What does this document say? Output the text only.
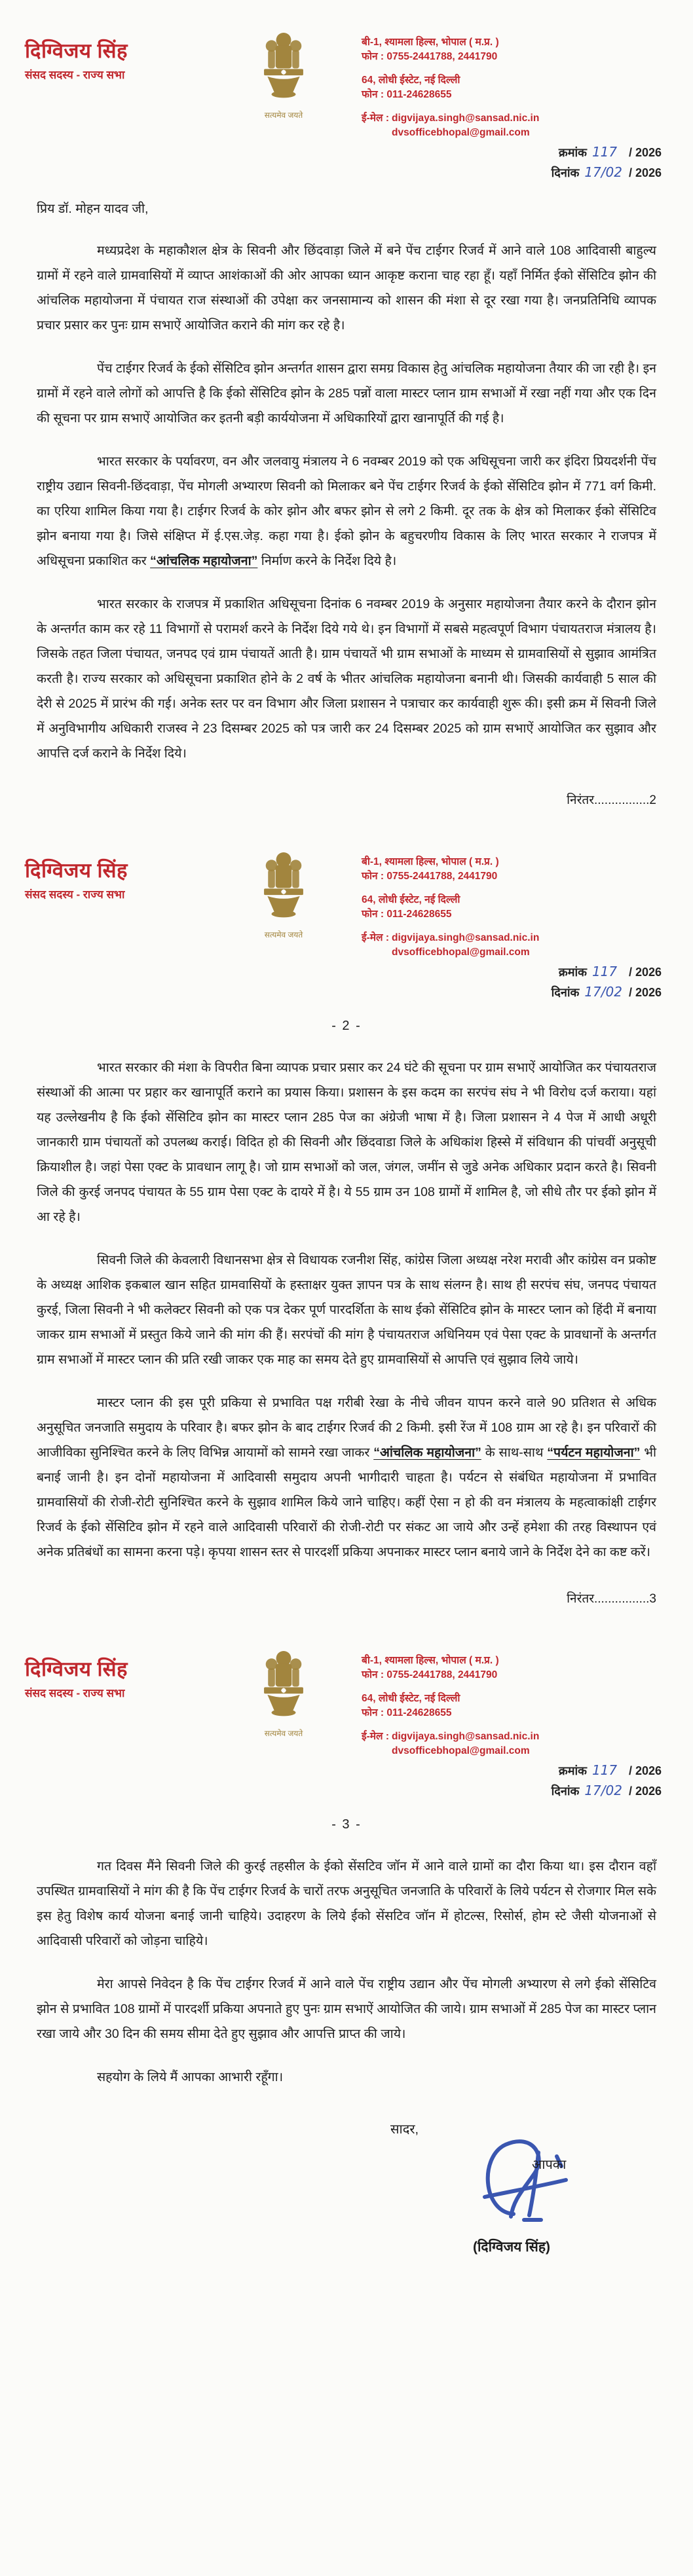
दिग्विजय सिंह
संसद सदस्य - राज्य सभा
सत्यमेव जयते
बी-1, श्यामला हिल्स, भोपाल ( म.प्र. )
फोन : 0755-2441788, 2441790
64, लोधी ईस्टेट, नई दिल्ली
फोन : 011-24628655
ई-मेल : digvijaya.singh@sansad.nic.in
dvsofficebhopal@gmail.com
क्रमांक 117 / 2026
दिनांक 17/02 / 2026

प्रिय डॉ. मोहन यादव जी,

मध्यप्रदेश के महाकौशल क्षेत्र के सिवनी और छिंदवाड़ा जिले में बने पेंच टाईगर रिजर्व में आने वाले 108 आदिवासी बाहुल्य ग्रामों में रहने वाले ग्रामवासियों में व्याप्त आशंकाओं की ओर आपका ध्यान आकृष्ट कराना चाह रहा हूँ। यहाँ निर्मित ईको सेंसिटिव झोन की आंचलिक महायोजना में पंचायत राज संस्थाओं की उपेक्षा कर जनसामान्य को शासन की मंशा से दूर रखा गया है। जनप्रतिनिधि व्यापक प्रचार प्रसार कर पुनः ग्राम सभाऐं आयोजित कराने की मांग कर रहे है।

पेंच टाईगर रिजर्व के ईको सेंसिटिव झोन अन्तर्गत शासन द्वारा समग्र विकास हेतु आंचलिक महायोजना तैयार की जा रही है। इन ग्रामों में रहने वाले लोगों को आपत्ति है कि ईको सेंसिटिव झोन के 285 पन्नों वाला मास्टर प्लान ग्राम सभाओं में रखा नहीं गया और एक दिन की सूचना पर ग्राम सभाऐं आयोजित कर इतनी बड़ी कार्ययोजना में अधिकारियों द्वारा खानापूर्ति की गई है।

भारत सरकार के पर्यावरण, वन और जलवायु मंत्रालय ने 6 नवम्बर 2019 को एक अधिसूचना जारी कर इंदिरा प्रियदर्शनी पेंच राष्ट्रीय उद्यान सिवनी-छिंदवाड़ा, पेंच मोगली अभ्यारण सिवनी को मिलाकर बने पेंच टाईगर रिजर्व के ईको सेंसिटिव झोन में 771 वर्ग किमी. का एरिया शामिल किया गया है। टाईगर रिजर्व के कोर झोन और बफर झोन से लगे 2 किमी. दूर तक के क्षेत्र को मिलाकर ईको सेंसिटिव झोन बनाया गया है। जिसे संक्षिप्त में ई.एस.जेड़. कहा गया है। ईको झोन के बहुचरणीय विकास के लिए भारत सरकार ने राजपत्र में अधिसूचना प्रकाशित कर “आंचलिक महायोजना” निर्माण करने के निर्देश दिये है।

भारत सरकार के राजपत्र में प्रकाशित अधिसूचना दिनांक 6 नवम्बर 2019 के अनुसार महायोजना तैयार करने के दौरान झोन के अन्तर्गत काम कर रहे 11 विभागों से परामर्श करने के निर्देश दिये गये थे। इन विभागों में सबसे महत्वपूर्ण विभाग पंचायतराज मंत्रालय है। जिसके तहत जिला पंचायत, जनपद एवं ग्राम पंचायतें आती है। ग्राम पंचायतें भी ग्राम सभाओं के माध्यम से ग्रामवासियों से सुझाव आमंत्रित करती है। राज्य सरकार को अधिसूचना प्रकाशित होने के 2 वर्ष के भीतर आंचलिक महायोजना बनानी थी। जिसकी कार्यवाही 5 साल की देरी से 2025 में प्रारंभ की गई। अनेक स्तर पर वन विभाग और जिला प्रशासन ने पत्राचार कर कार्यवाही शुरू की। इसी क्रम में सिवनी जिले में अनुविभागीय अधिकारी राजस्व ने 23 दिसम्बर 2025 को पत्र जारी कर 24 दिसम्बर 2025 को ग्राम सभाऐं आयोजित कर सुझाव और आपत्ति दर्ज कराने के निर्देश दिये।

निरंतर................2

दिग्विजय सिंह
संसद सदस्य - राज्य सभा
सत्यमेव जयते
बी-1, श्यामला हिल्स, भोपाल ( म.प्र. )
फोन : 0755-2441788, 2441790
64, लोधी ईस्टेट, नई दिल्ली
फोन : 011-24628655
ई-मेल : digvijaya.singh@sansad.nic.in
dvsofficebhopal@gmail.com
क्रमांक 117 / 2026
दिनांक 17/02 / 2026

- 2 -

भारत सरकार की मंशा के विपरीत बिना व्यापक प्रचार प्रसार कर 24 घंटे की सूचना पर ग्राम सभाऐं आयोजित कर पंचायतराज संस्थाओं की आत्मा पर प्रहार कर खानापूर्ति कराने का प्रयास किया। प्रशासन के इस कदम का सरपंच संघ ने भी विरोध दर्ज कराया। यहां यह उल्लेखनीय है कि ईको सेंसिटिव झोन का मास्टर प्लान 285 पेज का अंग्रेजी भाषा में है। जिला प्रशासन ने 4 पेज में आधी अधूरी जानकारी ग्राम पंचायतों को उपलब्ध कराई। विदित हो की सिवनी और छिंदवाडा जिले के अधिकांश हिस्से में संविधान की पांचवीं अनुसूची क्रियाशील है। जहां पेसा एक्ट के प्रावधान लागू है। जो ग्राम सभाओं को जल, जंगल, जमींन से जुडे अनेक अधिकार प्रदान करते है। सिवनी जिले की कुरई जनपद पंचायत के 55 ग्राम पेसा एक्ट के दायरे में है। ये 55 ग्राम उन 108 ग्रामों में शामिल है, जो सीधे तौर पर ईको झोन में आ रहे है।

सिवनी जिले की केवलारी विधानसभा क्षेत्र से विधायक रजनीश सिंह, कांग्रेस जिला अध्यक्ष नरेश मरावी और कांग्रेस वन प्रकोष्ट के अध्यक्ष आशिक इकबाल खान सहित ग्रामवासियों के हस्ताक्षर युक्त ज्ञापन पत्र के साथ संलग्न है। साथ ही सरपंच संघ, जनपद पंचायत कुरई, जिला सिवनी ने भी कलेक्टर सिवनी को एक पत्र देकर पूर्ण पारदर्शिता के साथ ईको सेंसिटिव झोन के मास्टर प्लान को हिंदी में बनाया जाकर ग्राम सभाओं में प्रस्तुत किये जाने की मांग की हैं। सरपंचों की मांग है पंचायतराज अधिनियम एवं पेसा एक्ट के प्रावधानों के अन्तर्गत ग्राम सभाओं में मास्टर प्लान की प्रति रखी जाकर एक माह का समय देते हुए ग्रामवासियों से आपत्ति एवं सुझाव लिये जाये।

मास्टर प्लान की इस पूरी प्रकिया से प्रभावित पक्ष गरीबी रेखा के नीचे जीवन यापन करने वाले 90 प्रतिशत से अधिक अनुसूचित जनजाति समुदाय के परिवार है। बफर झोन के बाद टाईगर रिजर्व की 2 किमी. इसी रेंज में 108 ग्राम आ रहे है। इन परिवारों की आजीविका सुनिश्चित करने के लिए विभिन्न आयामों को सामने रखा जाकर “आंचलिक महायोजना” के साथ-साथ “पर्यटन महायोजना” भी बनाई जानी है। इन दोनों महायोजना में आदिवासी समुदाय अपनी भागीदारी चाहता है। पर्यटन से संबंधित महायोजना में प्रभावित ग्रामवासियों की रोजी-रोटी सुनिश्चित करने के सुझाव शामिल किये जाने चाहिए। कहीं ऐसा न हो की वन मंत्रालय के महत्वाकांक्षी टाईगर रिजर्व के ईको सेंसिटिव झोन में रहने वाले आदिवासी परिवारों की रोजी-रोटी पर संकट आ जाये और उन्हें हमेशा की तरह विस्थापन एवं अनेक प्रतिबंधों का सामना करना पड़े। कृपया शासन स्तर से पारदर्शी प्रकिया अपनाकर मास्टर प्लान बनाये जाने के निर्देश देने का कष्ट करें।

निरंतर................3

दिग्विजय सिंह
संसद सदस्य - राज्य सभा
सत्यमेव जयते
बी-1, श्यामला हिल्स, भोपाल ( म.प्र. )
फोन : 0755-2441788, 2441790
64, लोधी ईस्टेट, नई दिल्ली
फोन : 011-24628655
ई-मेल : digvijaya.singh@sansad.nic.in
dvsofficebhopal@gmail.com
क्रमांक 117 / 2026
दिनांक 17/02 / 2026

- 3 -

गत दिवस मैंने सिवनी जिले की कुरई तहसील के ईको सेंसटिव जॉन में आने वाले ग्रामों का दौरा किया था। इस दौरान वहाँ उपस्थित ग्रामवासियों ने मांग की है कि पेंच टाईगर रिजर्व के चारों तरफ अनुसूचित जनजाति के परिवारों के लिये पर्यटन से रोजगार मिल सके इस हेतु विशेष कार्य योजना बनाई जानी चाहिये। उदाहरण के लिये ईको सेंसटिव जॉन में होटल्स, रिसोर्स, होम स्टे जैसी योजनाओं से आदिवासी परिवारों को जोड़ना चाहिये।

मेरा आपसे निवेदन है कि पेंच टाईगर रिजर्व में आने वाले पेंच राष्ट्रीय उद्यान और पेंच मोगली अभ्यारण से लगे ईको सेंसिटिव झोन से प्रभावित 108 ग्रामों में पारदर्शी प्रकिया अपनाते हुए पुनः ग्राम सभाऐं आयोजित की जाये। ग्राम सभाओं में 285 पेज का मास्टर प्लान रखा जाये और 30 दिन की समय सीमा देते हुए सुझाव और आपत्ति प्राप्त की जाये।

सहयोग के लिये मैं आपका आभारी रहूँगा।

सादर,
आपका
(दिग्विजय सिंह)
